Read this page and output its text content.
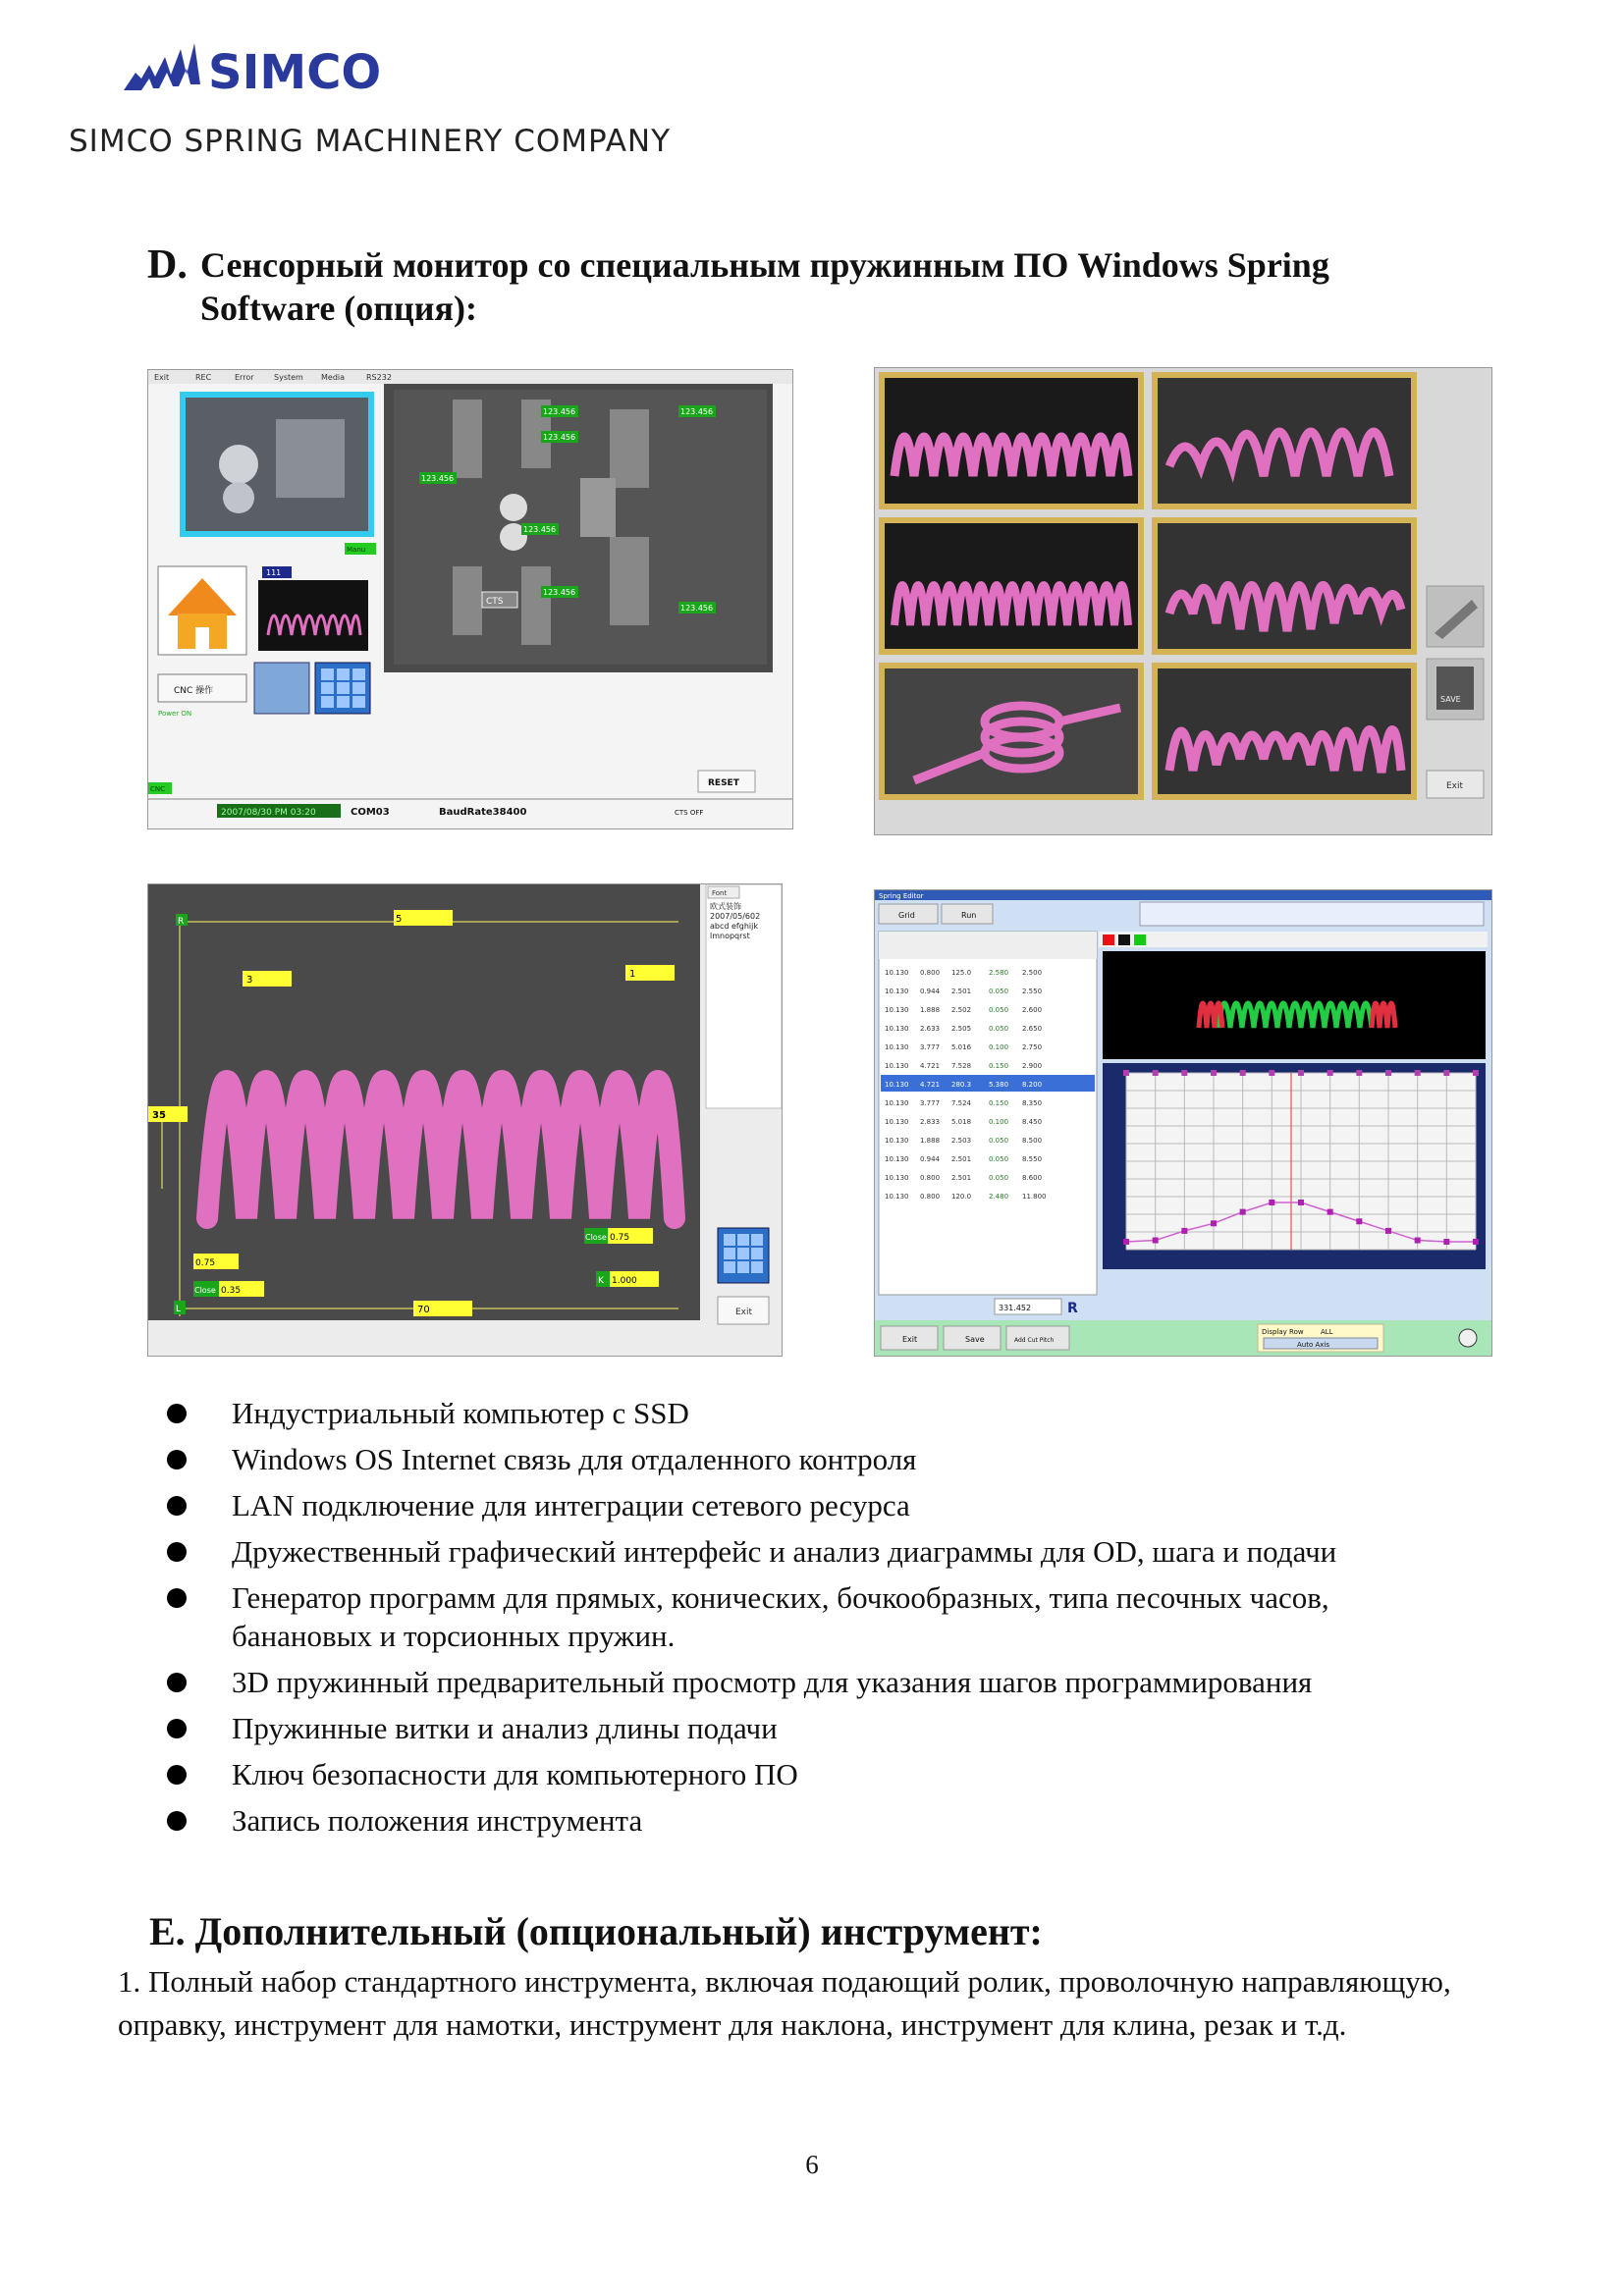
SIMCO
SIMCO SPRING MACHINERY COMPANY
D. Сенсорный монитор со специальным пружинным ПО Windows Spring Software (опция):
Exit	REC	Error	System Media	RS232
Manu
111
CNC 操作
Power ON
123.456	123.456
123.456
123.456
123.456
123.456
123.456
CTS
RESET
CNC
2007/08/30 PM 03:20	COM03	BaudRate38400	CTS OFF
SAVE
Exit
R	5
3
1
35
Close 0.75
K 1.000
0.75
Close 0.35
L	70
Font
欧式装饰 2007/05/602 abcd efghijk lmnopqrst
Exit
Spring Editor
Grid	Run
10.130 0.800 125.0	2.580 2.500
10.130 0.944 2.501	0.050 2.550
10.130 1.888 2.502	0.050 2.600
10.130 2.633 2.505	0.050 2.650
10.130 3.777 5.016	0.100 2.750
10.130 4.721 7.528	0.150 2.900
10.130 4.721 280.3	5.380 8.200
10.130 3.777 7.524	0.150 8.350
10.130 2.833 5.018	0.100 8.450
10.130 1.888 2.503	0.050 8.500
10.130 0.944 2.501	0.050 8.550
10.130 0.800 2.501	0.050 8.600
10.130 0.800 120.0	2.480 11.800
331.452	R
Exit	Save	Add Cut Pitch
Display Row ALL
Auto Axis
Индустриальный компьютер с SSD
Windows OS Internet связь для отдаленного контроля
LAN подключение для интеграции сетевого ресурса
Дружественный графический интерфейс и анализ диаграммы для OD, шага и подачи
Генератор программ для прямых, конических, бочкообразных, типа песочных часов, банановых и торсионных пружин.
3D пружинный предварительный просмотр для указания шагов программирования
Пружинные витки и анализ длины подачи
Ключ безопасности для компьютерного ПО
Запись положения инструмента
E. Дополнительный (опциональный) инструмент:
1. Полный набор стандартного инструмента, включая подающий ролик, проволочную направляющую, оправку, инструмент для намотки, инструмент для наклона, инструмент для клина, резак и т.д.
6
